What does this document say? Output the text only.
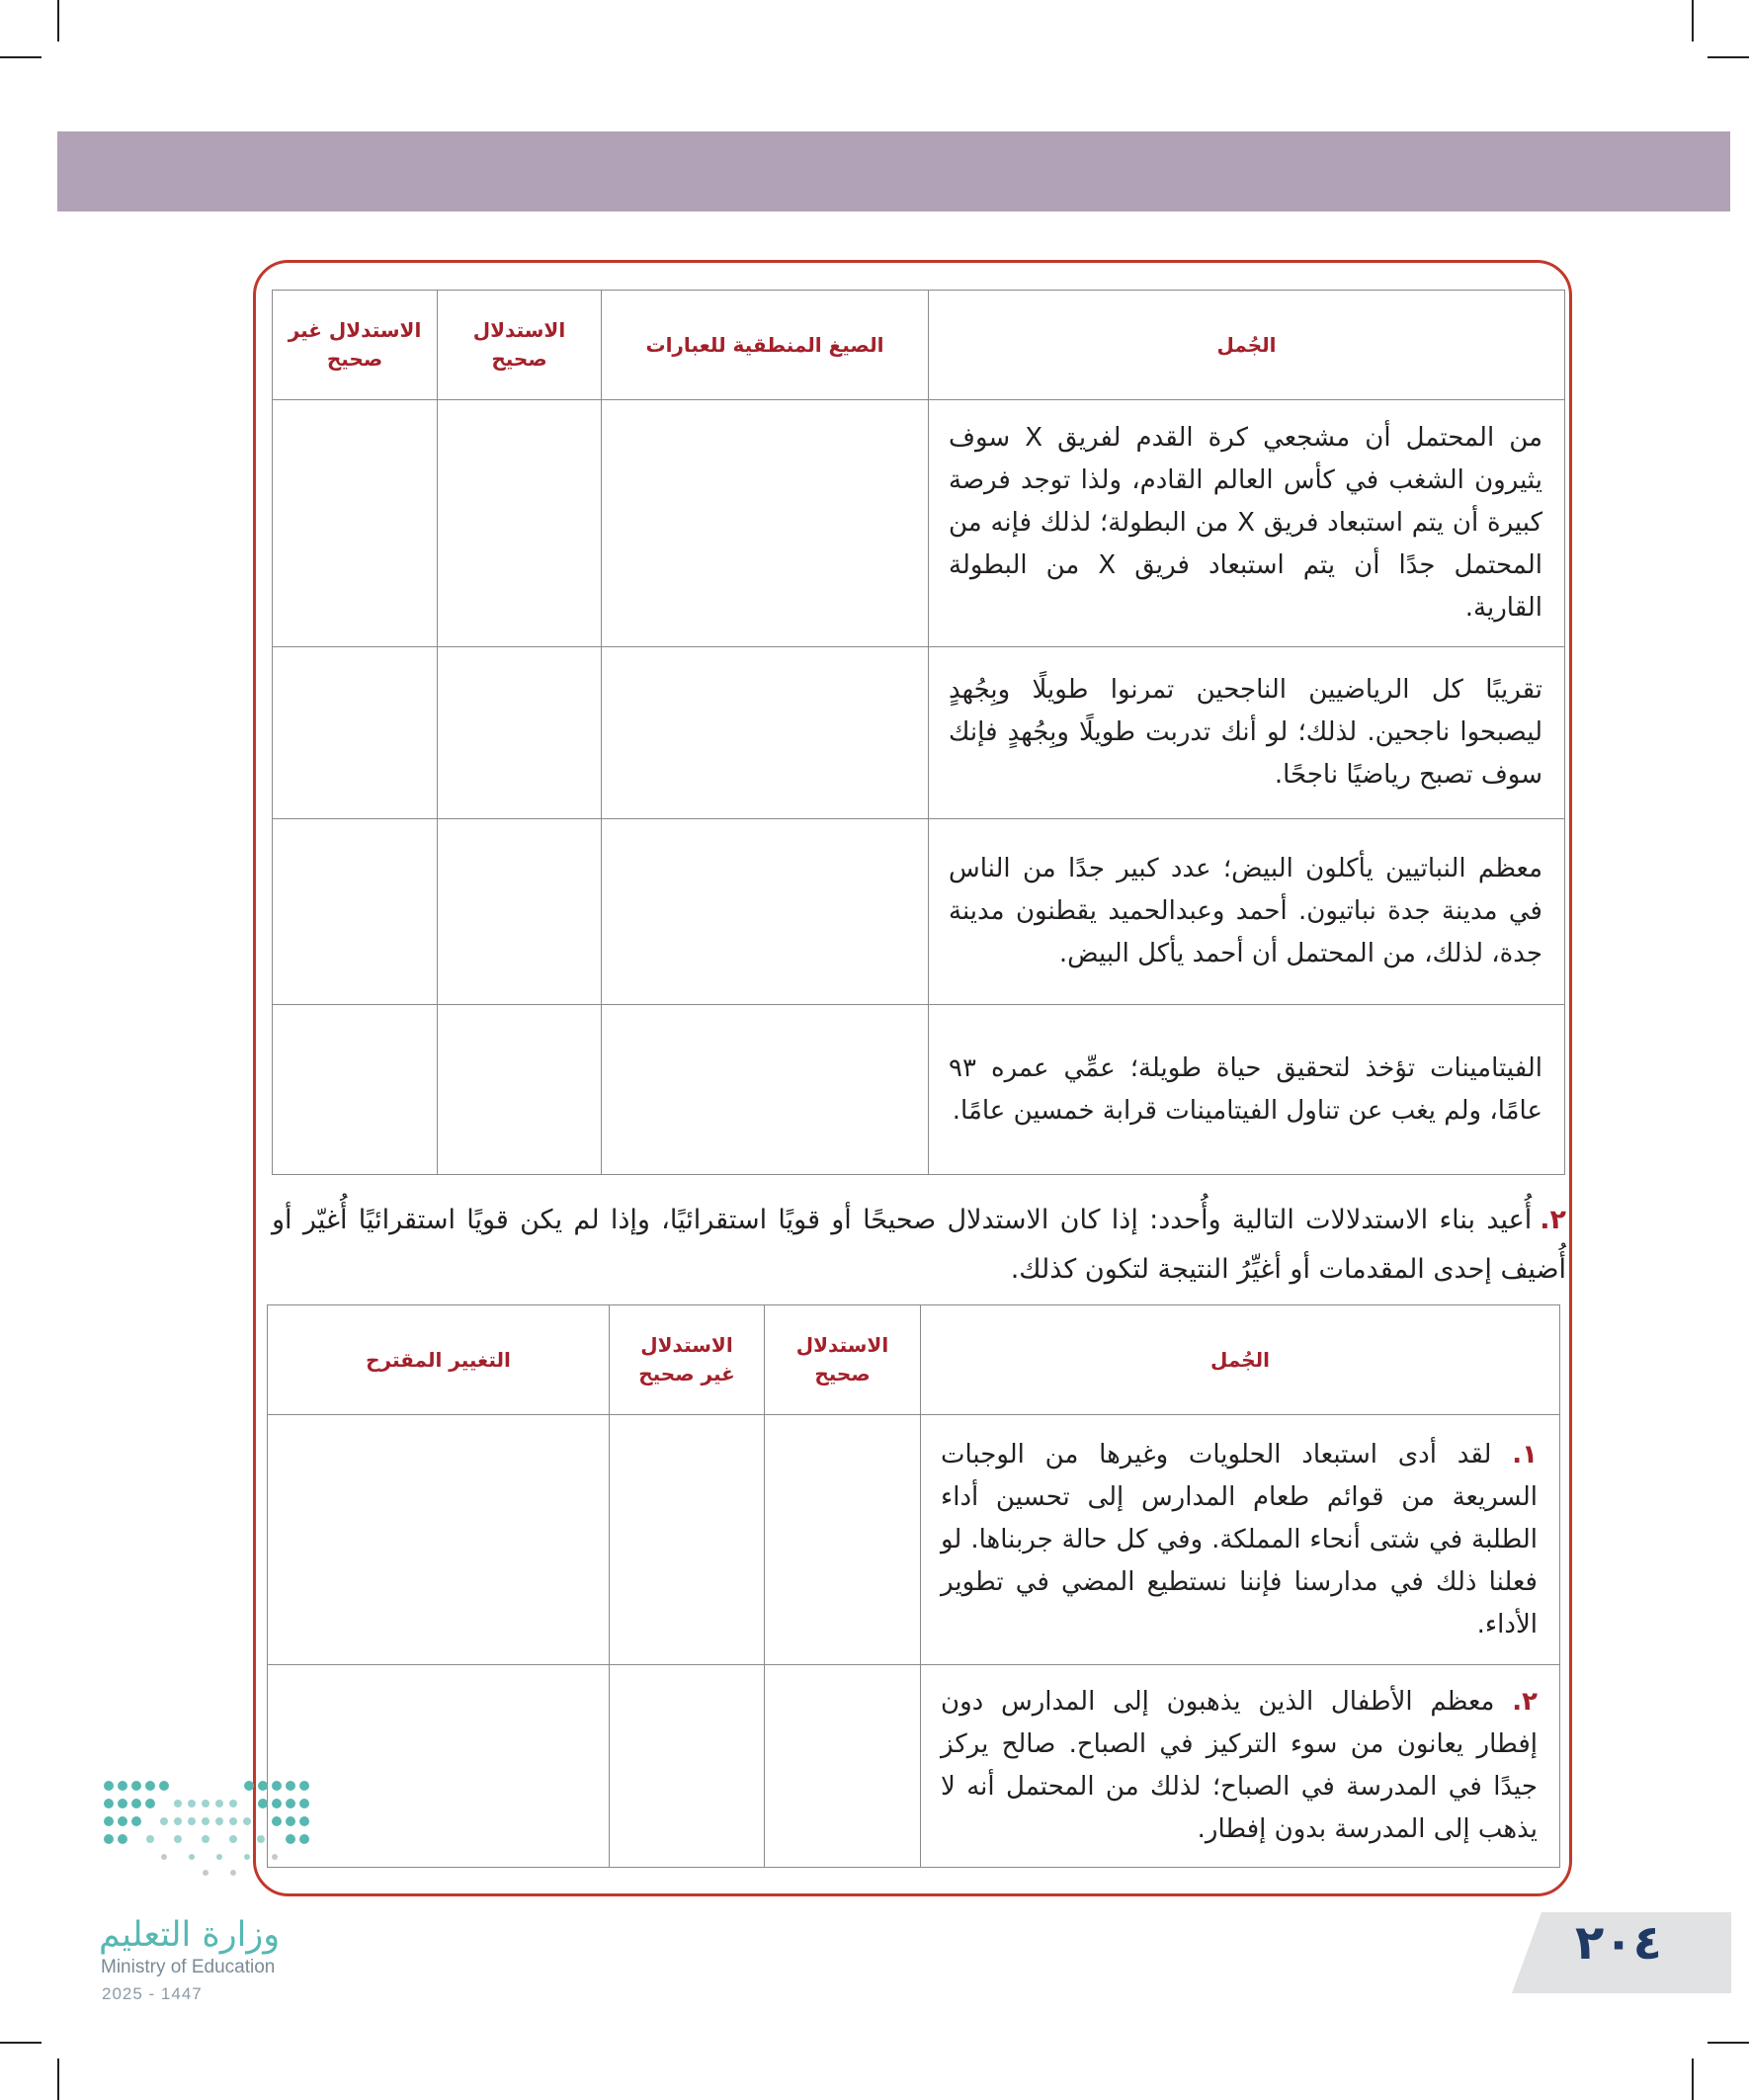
الجُمل	الصيغ المنطقية للعبارات	الاستدلال صحيح	الاستدلال غير صحيح
من المحتمل أن مشجعي كرة القدم لفريق X سوف يثيرون الشغب في كأس العالم القادم، ولذا توجد فرصة كبيرة أن يتم استبعاد فريق X من البطولة؛ لذلك فإنه من المحتمل جدًا أن يتم استبعاد فريق X من البطولة القارية.			
تقريبًا كل الرياضيين الناجحين تمرنوا طويلًا وبِجُهدٍ ليصبحوا ناجحين. لذلك؛ لو أنك تدربت طويلًا وبِجُهدٍ فإنك سوف تصبح رياضيًا ناجحًا.			
معظم النباتيين يأكلون البيض؛ عدد كبير جدًا من الناس في مدينة جدة نباتيون. أحمد وعبدالحميد يقطنون مدينة جدة، لذلك، من المحتمل أن أحمد يأكل البيض.			
الفيتامينات تؤخذ لتحقيق حياة طويلة؛ عمِّي عمره ٩٣ عامًا، ولم يغب عن تناول الفيتامينات قرابة خمسين عامًا.			
٢.أُعيد بناء الاستدلالات التالية وأُحدد: إذا كان الاستدلال صحيحًا أو قويًا استقرائيًا، وإذا لم يكن قويًا استقرائيًا أُغيّر أو أُضيف إحدى المقدمات أو أغيِّرُ النتيجة لتكون كذلك.
الجُمل	الاستدلال صحيح	الاستدلال غير صحيح	التغيير المقترح
١. لقد أدى استبعاد الحلويات وغيرها من الوجبات السريعة من قوائم طعام المدارس إلى تحسين أداء الطلبة في شتى أنحاء المملكة. وفي كل حالة جربناها. لو فعلنا ذلك في مدارسنا فإننا نستطيع المضي في تطوير الأداء.			
٢. معظم الأطفال الذين يذهبون إلى المدارس دون إفطار يعانون من سوء التركيز في الصباح. صالح يركز جيدًا في المدرسة في الصباح؛ لذلك من المحتمل أنه لا يذهب إلى المدرسة بدون إفطار.			
وزارة التعليم
Ministry of Education
2025 - 1447
٢٠٤
